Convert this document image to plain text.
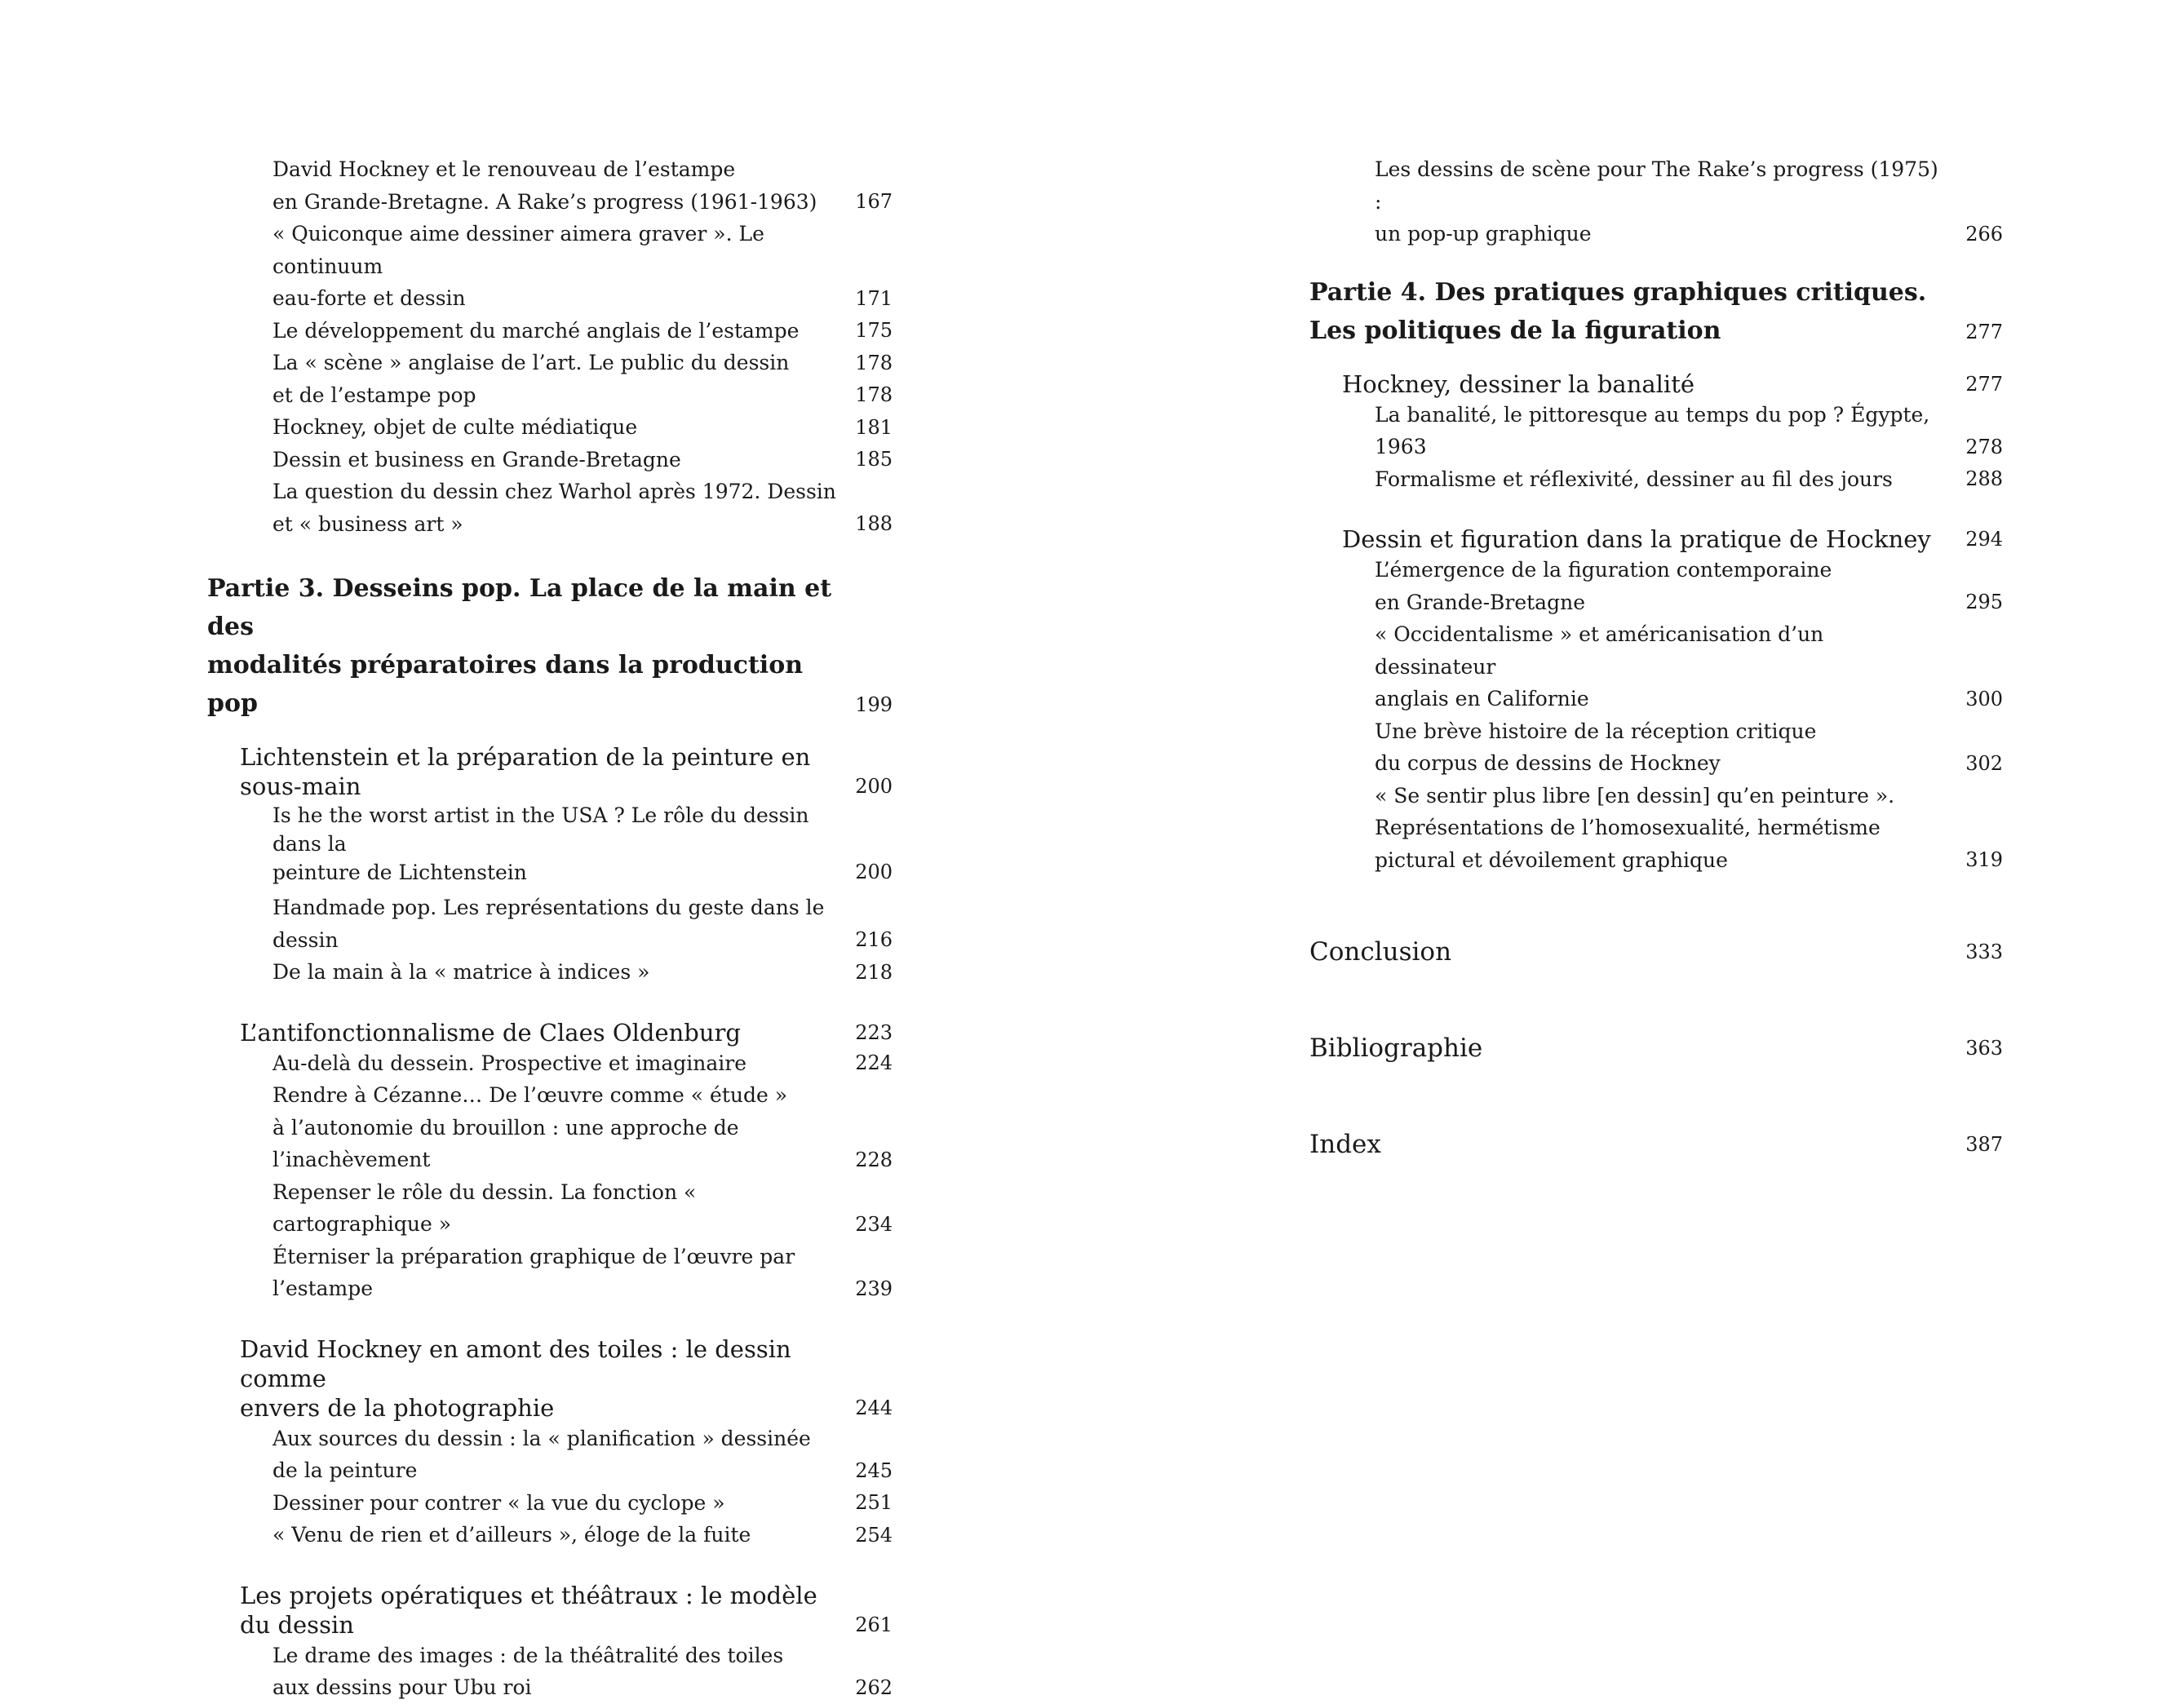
David Hockney et le renouveau de l’estampe
en Grande-Bretagne. A Rake’s progress (1961-1963)	167
« Quiconque aime dessiner aimera graver ». Le continuum
eau-forte et dessin	171
Le développement du marché anglais de l’estampe	175
La « scène » anglaise de l’art. Le public du dessin	178
et de l’estampe pop	178
Hockney, objet de culte médiatique	181
Dessin et business en Grande-Bretagne	185
La question du dessin chez Warhol après 1972. Dessin
et « business art »	188
Partie 3. Desseins pop. La place de la main et des
modalités préparatoires dans la production pop	199
Lichtenstein et la préparation de la peinture en sous-main	200
Is he the worst artist in the USA ? Le rôle du dessin dans la
peinture de Lichtenstein	200
Handmade pop. Les représentations du geste dans le dessin	216
De la main à la « matrice à indices »	218
L’antifonctionnalisme de Claes Oldenburg	223
Au-delà du dessein. Prospective et imaginaire	224
Rendre à Cézanne… De l’œuvre comme « étude »
à l’autonomie du brouillon : une approche de l’inachèvement	228
Repenser le rôle du dessin. La fonction « cartographique »	234
Éterniser la préparation graphique de l’œuvre par l’estampe	239
David Hockney en amont des toiles : le dessin comme
envers de la photographie	244
Aux sources du dessin : la « planification » dessinée
de la peinture	245
Dessiner pour contrer « la vue du cyclope »	251
« Venu de rien et d’ailleurs », éloge de la fuite	254
Les projets opératiques et théâtraux : le modèle du dessin	261
Le drame des images : de la théâtralité des toiles
aux dessins pour Ubu roi	262
Les dessins de scène pour The Rake’s progress (1975) :
un pop-up graphique	266
Partie 4. Des pratiques graphiques critiques.
Les politiques de la figuration	277
Hockney, dessiner la banalité	277
La banalité, le pittoresque au temps du pop ? Égypte, 1963	278
Formalisme et réflexivité, dessiner au fil des jours	288
Dessin et figuration dans la pratique de Hockney	294
L’émergence de la figuration contemporaine
en Grande-Bretagne	295
« Occidentalisme » et américanisation d’un dessinateur
anglais en Californie	300
Une brève histoire de la réception critique
du corpus de dessins de Hockney	302
« Se sentir plus libre [en dessin] qu’en peinture ».
Représentations de l’homosexualité, hermétisme
pictural et dévoilement graphique	319
Conclusion	333
Bibliographie	363
Index	387
